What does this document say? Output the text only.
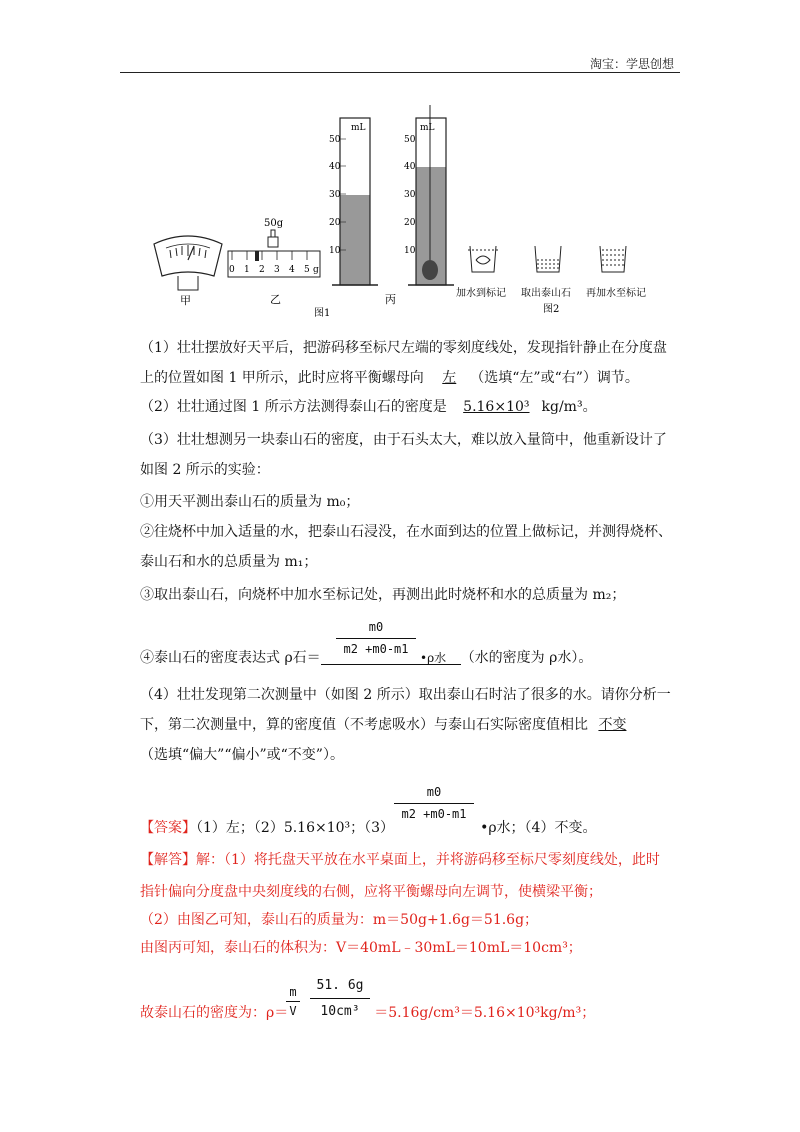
淘宝：学思创想
甲
50g
0 1 2 3 4 5 g
乙
mL
50
40
30
20
10
mL
50
40
30
20
10
丙
图1
加水到标记 取出泰山石 再加水至标记
图2
（1）壮壮摆放好天平后，把游码移至标尺左端的零刻度线处，发现指针静止在分度盘
上的位置如图 1 甲所示，此时应将平衡螺母向 左 （选填“左”或“右”）调节。
（2）壮壮通过图 1 所示方法测得泰山石的密度是 5.16×10³ kg/m³。
（3）壮壮想测另一块泰山石的密度，由于石头太大，难以放入量筒中，他重新设计了
如图 2 所示的实验：
①用天平测出泰山石的质量为 m₀；
②往烧杯中加入适量的水，把泰山石浸没，在水面到达的位置上做标记，并测得烧杯、
泰山石和水的总质量为 m₁；
③取出泰山石，向烧杯中加水至标记处，再测出此时烧杯和水的总质量为 m₂；
④泰山石的密度表达式 ρ石＝	（水的密度为 ρ水）。
m0
m2 +m0-m1
•ρ水
（4）壮壮发现第二次测量中（如图 2 所示）取出泰山石时沾了很多的水。请你分析一
下，第二次测量中，算的密度值（不考虑吸水）与泰山石实际密度值相比 不变
（选填“偏大”“偏小”或“不变”）。
m0
m2 +m0-m1
【答案】（1）左；（2）5.16×10³；（3）	•ρ水；（4）不变。
【解答】解：（1）将托盘天平放在水平桌面上，并将游码移至标尺零刻度线处，此时
指针偏向分度盘中央刻度线的右侧，应将平衡螺母向左调节，使横梁平衡；
（2）由图乙可知，泰山石的质量为：m＝50g+1.6g＝51.6g；
由图丙可知，泰山石的体积为：V＝40mL﹣30mL＝10mL＝10cm³；
m
V
51. 6g
10cm³
故泰山石的密度为：ρ＝	＝5.16g/cm³＝5.16×10³kg/m³；
